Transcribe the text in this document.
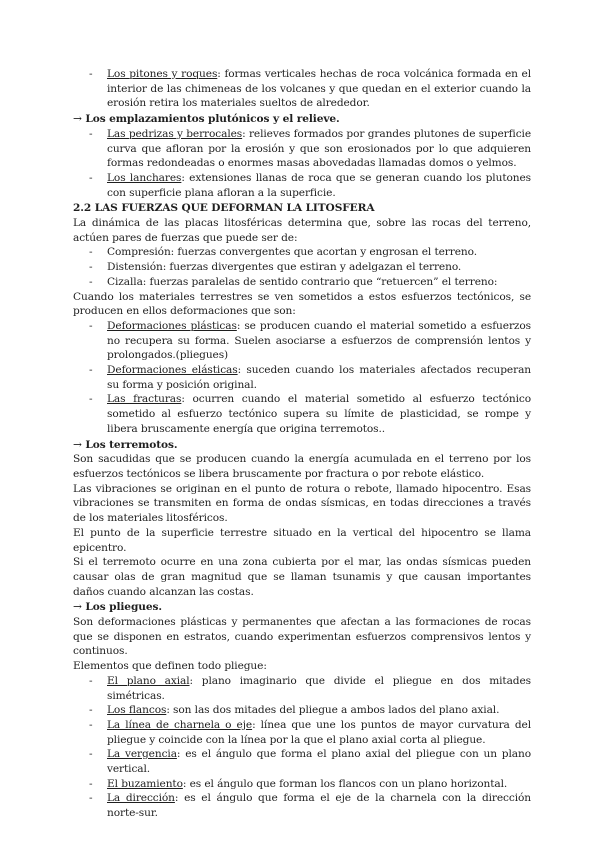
- Los pitones y roques: formas verticales hechas de roca volcánica formada en el interior de las chimeneas de los volcanes y que quedan en el exterior cuando la erosión retira los materiales sueltos de alrededor.

→ Los emplazamientos plutónicos y el relieve.

- Las pedrizas y berrocales: relieves formados por grandes plutones de superficie curva que afloran por la erosión y que son erosionados por lo que adquieren formas redondeadas o enormes masas abovedadas llamadas domos o yelmos.

- Los lanchares: extensiones llanas de roca que se generan cuando los plutones con superficie plana afloran a la superficie.

2.2 LAS FUERZAS QUE DEFORMAN LA LITOSFERA

La dinámica de las placas litosféricas determina que, sobre las rocas del terreno, actúen pares de fuerzas que puede ser de:

- Compresión: fuerzas convergentes que acortan y engrosan el terreno.

- Distensión: fuerzas divergentes que estiran y adelgazan el terreno.

- Cizalla: fuerzas paralelas de sentido contrario que “retuercen” el terreno:

Cuando los materiales terrestres se ven sometidos a estos esfuerzos tectónicos, se producen en ellos deformaciones que son:

- Deformaciones plásticas: se producen cuando el material sometido a esfuerzos no recupera su forma. Suelen asociarse a esfuerzos de comprensión lentos y prolongados.(pliegues)

- Deformaciones elásticas: suceden cuando los materiales afectados recuperan su forma y posición original.

- Las fracturas: ocurren cuando el material sometido al esfuerzo tectónico sometido al esfuerzo tectónico supera su límite de plasticidad, se rompe y libera bruscamente energía que origina terremotos..

→ Los terremotos.

Son sacudidas que se producen cuando la energía acumulada en el terreno por los esfuerzos tectónicos se libera bruscamente por fractura o por rebote elástico.

Las vibraciones se originan en el punto de rotura o rebote, llamado hipocentro. Esas vibraciones se transmiten en forma de ondas sísmicas, en todas direcciones a través de los materiales litosféricos.

El punto de la superficie terrestre situado en la vertical del hipocentro se llama epicentro.

Si el terremoto ocurre en una zona cubierta por el mar, las ondas sísmicas pueden causar olas de gran magnitud que se llaman tsunamis y que causan importantes daños cuando alcanzan las costas.

→ Los pliegues.

Son deformaciones plásticas y permanentes que afectan a las formaciones de rocas que se disponen en estratos, cuando experimentan esfuerzos comprensivos lentos y continuos.

Elementos que definen todo pliegue:

- El plano axial: plano imaginario que divide el pliegue en dos mitades simétricas.

- Los flancos: son las dos mitades del pliegue a ambos lados del plano axial.

- La línea de charnela o eje: línea que une los puntos de mayor curvatura del pliegue y coincide con la línea por la que el plano axial corta al pliegue.

- La vergencia: es el ángulo que forma el plano axial del pliegue con un plano vertical.

- El buzamiento: es el ángulo que forman los flancos con un plano horizontal.

- La dirección: es el ángulo que forma el eje de la charnela con la dirección norte-sur.
